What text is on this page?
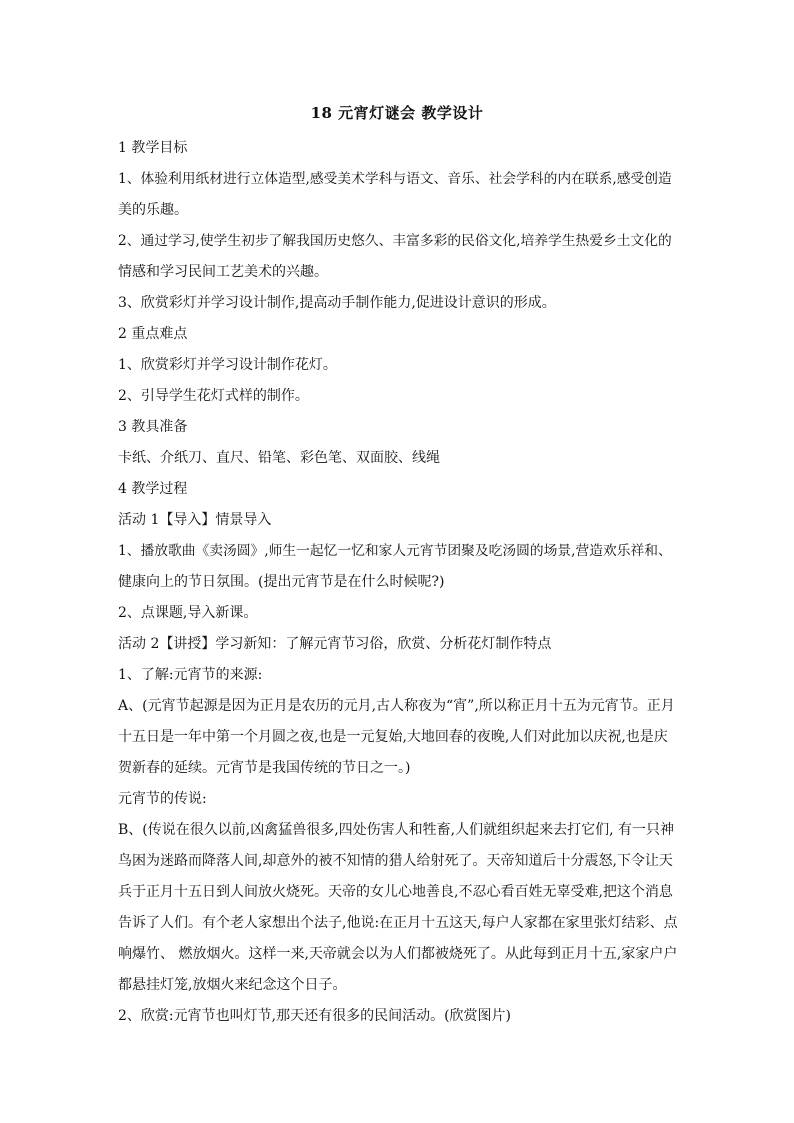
18 元宵灯谜会 教学设计
1 教学目标
1、体验利用纸材进行立体造型,感受美术学科与语文、音乐、社会学科的内在联系,感受创造
美的乐趣。
2、通过学习,使学生初步了解我国历史悠久、丰富多彩的民俗文化,培养学生热爱乡土文化的
情感和学习民间工艺美术的兴趣。
3、欣赏彩灯并学习设计制作,提高动手制作能力,促进设计意识的形成。
2 重点难点
1、欣赏彩灯并学习设计制作花灯。
2、引导学生花灯式样的制作。
3 教具准备
卡纸、介纸刀、直尺、铅笔、彩色笔、双面胶、线绳
4 教学过程
活动 1【导入】情景导入
1、播放歌曲《卖汤圆》,师生一起忆一忆和家人元宵节团聚及吃汤圆的场景,营造欢乐祥和、
健康向上的节日氛围。(提出元宵节是在什么时候呢?)
2、点课题,导入新课。
活动 2【讲授】学习新知：了解元宵节习俗，欣赏、分析花灯制作特点
1、了解:元宵节的来源:
A、(元宵节起源是因为正月是农历的元月,古人称夜为“宵”,所以称正月十五为元宵节。正月
十五日是一年中第一个月圆之夜,也是一元复始,大地回春的夜晚,人们对此加以庆祝,也是庆
贺新春的延续。元宵节是我国传统的节日之一。)
元宵节的传说:
B、(传说在很久以前,凶禽猛兽很多,四处伤害人和牲畜,人们就组织起来去打它们, 有一只神
鸟困为迷路而降落人间,却意外的被不知情的猎人给射死了。天帝知道后十分震怒,下令让天
兵于正月十五日到人间放火烧死。天帝的女儿心地善良,不忍心看百姓无辜受难,把这个消息
告诉了人们。有个老人家想出个法子,他说:在正月十五这天,每户人家都在家里张灯结彩、点
响爆竹、 燃放烟火。这样一来,天帝就会以为人们都被烧死了。从此每到正月十五,家家户户
都悬挂灯笼,放烟火来纪念这个日子。
2、欣赏:元宵节也叫灯节,那天还有很多的民间活动。(欣赏图片)
